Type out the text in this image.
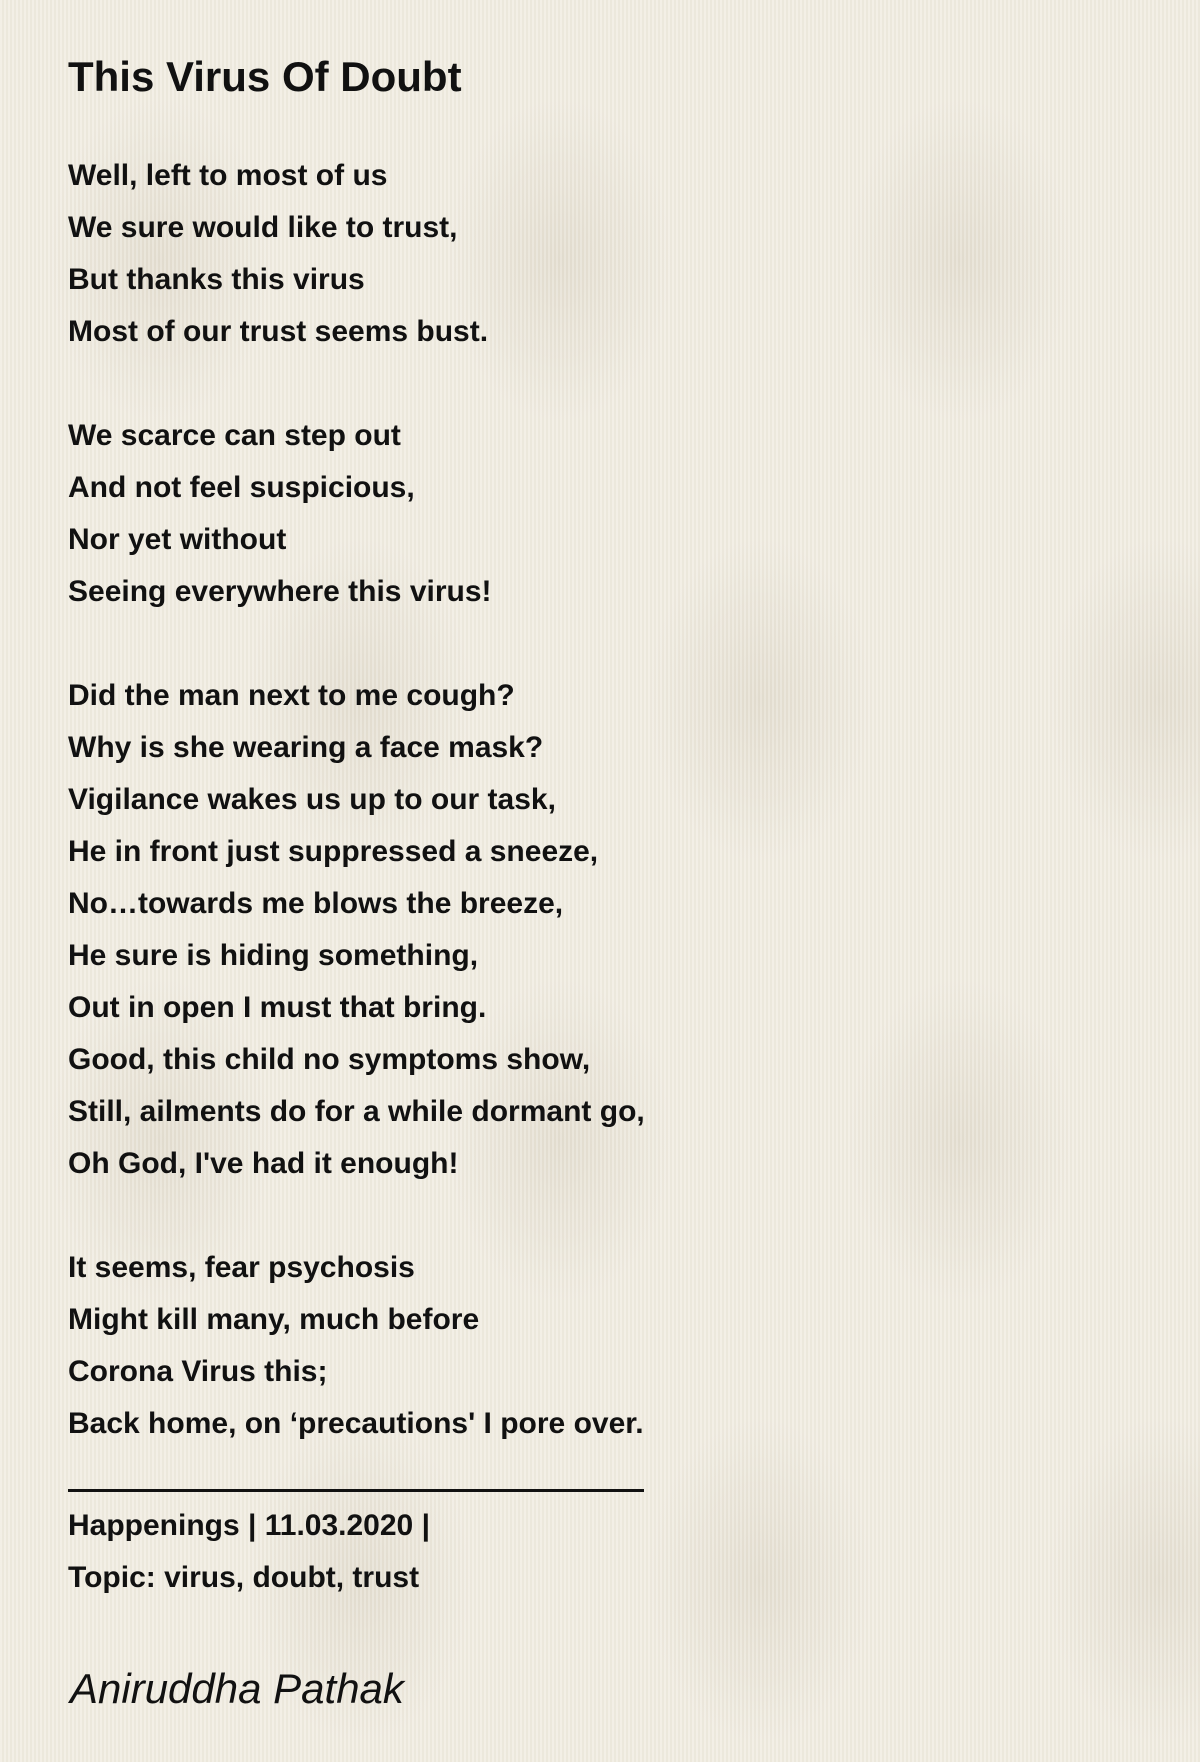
This Virus Of Doubt
Well, left to most of us
We sure would like to trust,
But thanks this virus
Most of our trust seems bust.
We scarce can step out
And not feel suspicious,
Nor yet without
Seeing everywhere this virus!
Did the man next to me cough?
Why is she wearing a face mask?
Vigilance wakes us up to our task,
He in front just suppressed a sneeze,
No…towards me blows the breeze,
He sure is hiding something,
Out in open I must that bring.
Good, this child no symptoms show,
Still, ailments do for a while dormant go,
Oh God, I've had it enough!
It seems, fear psychosis
Might kill many, much before
Corona Virus this;
Back home, on ‘precautions' I pore over.
Happenings | 11.03.2020 |
Topic: virus, doubt, trust
Aniruddha Pathak
